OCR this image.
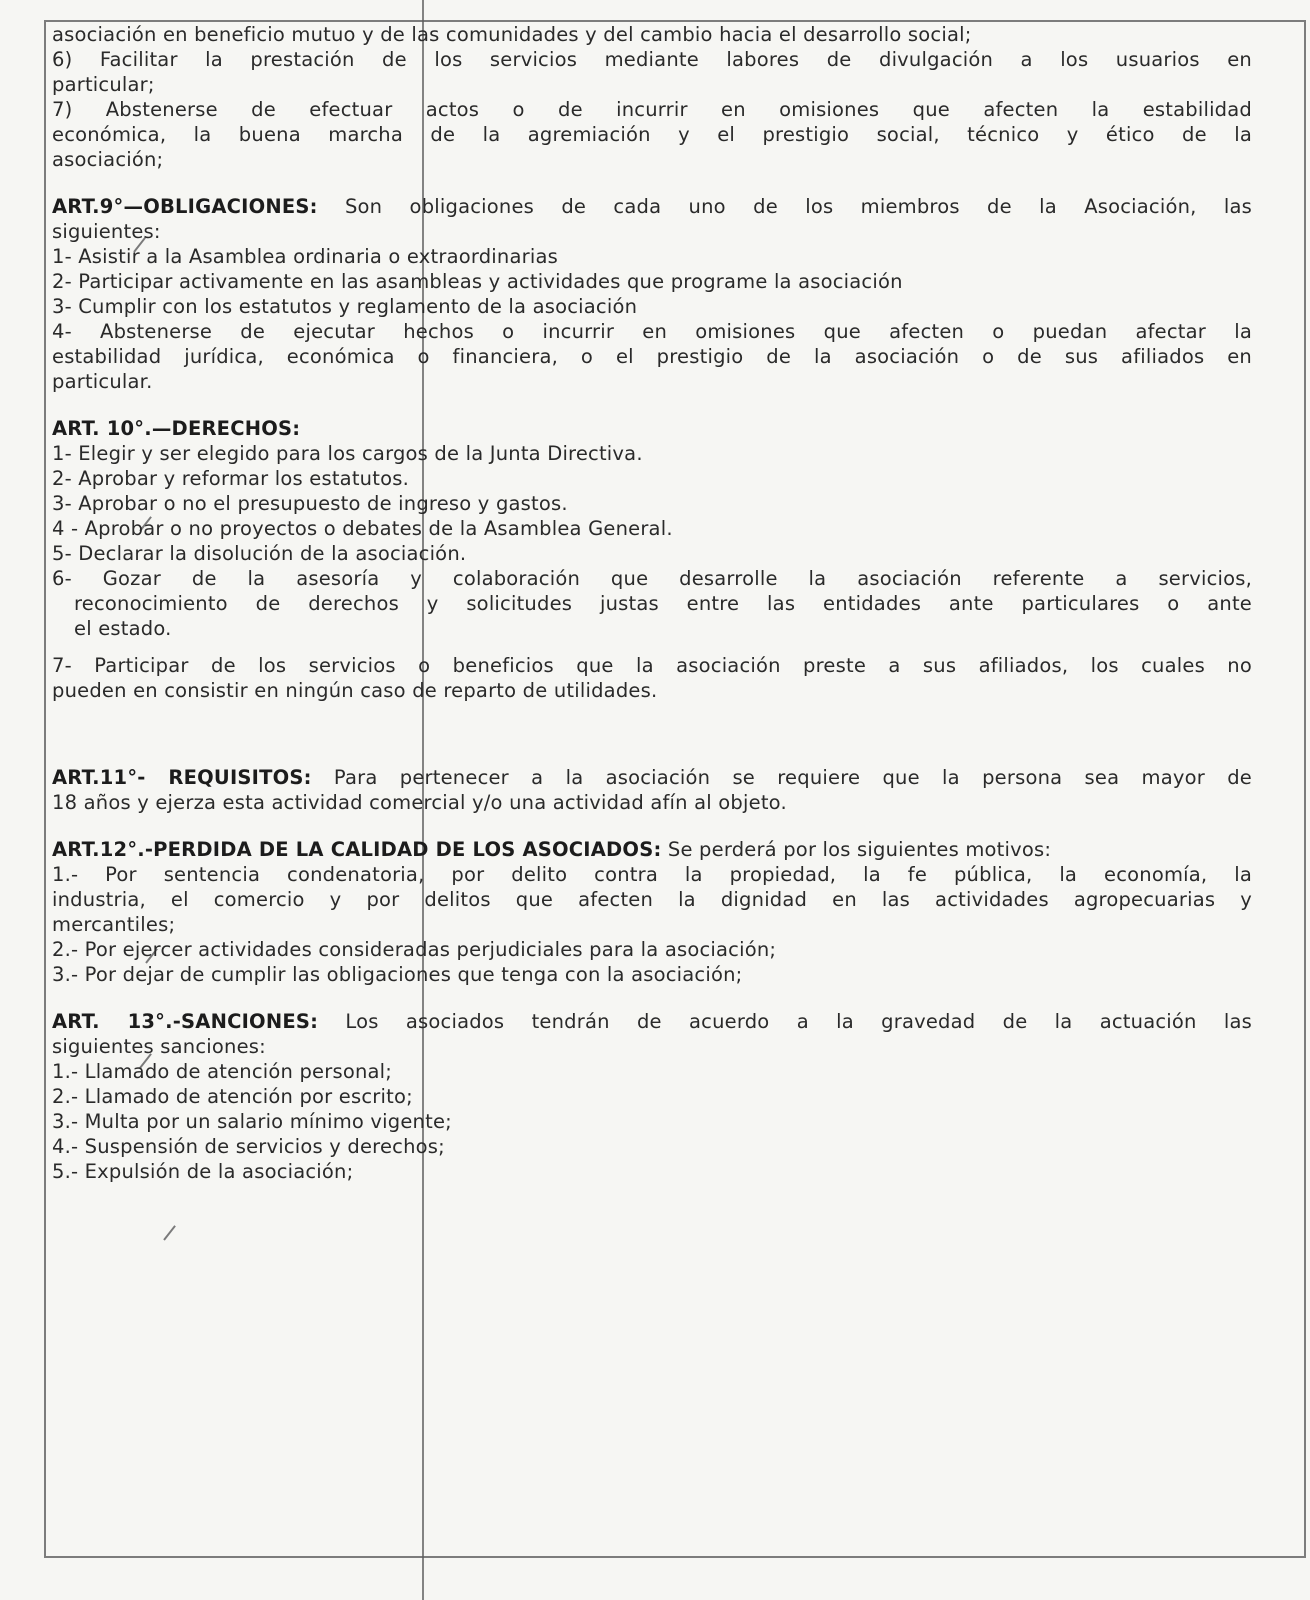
asociación en beneficio mutuo y de las comunidades y del cambio hacia el desarrollo social;

6) Facilitar la prestación de los servicios mediante labores de divulgación a los usuarios en

particular;

7) Abstenerse de efectuar actos o de incurrir en omisiones que afecten la estabilidad

económica, la buena marcha de la agremiación y el prestigio social, técnico y ético de la

asociación;

ART.9°—OBLIGACIONES: Son obligaciones de cada uno de los miembros de la Asociación, las

siguientes:

1- Asistir a la Asamblea ordinaria o extraordinarias

2- Participar activamente en las asambleas y actividades que programe la asociación

3- Cumplir con los estatutos y reglamento de la asociación

4- Abstenerse de ejecutar hechos o incurrir en omisiones que afecten o puedan afectar la

estabilidad jurídica, económica o financiera, o el prestigio de la asociación o de sus afiliados en

particular.

ART. 10°.—DERECHOS:

1- Elegir y ser elegido para los cargos de la Junta Directiva.

2- Aprobar y reformar los estatutos.

3- Aprobar o no el presupuesto de ingreso y gastos.

4 - Aprobar o no proyectos o debates de la Asamblea General.

5- Declarar la disolución de la asociación.

6- Gozar de la asesoría y colaboración que desarrolle la asociación referente a servicios,

reconocimiento de derechos y solicitudes justas entre las entidades ante particulares o ante

el estado.

7- Participar de los servicios o beneficios que la asociación preste a sus afiliados, los cuales no

pueden en consistir en ningún caso de reparto de utilidades.

ART.11°- REQUISITOS: Para pertenecer a la asociación se requiere que la persona sea mayor de

18 años y ejerza esta actividad comercial y/o una actividad afín al objeto.

ART.12°.-PERDIDA DE LA CALIDAD DE LOS ASOCIADOS: Se perderá por los siguientes motivos:

1.- Por sentencia condenatoria, por delito contra la propiedad, la fe pública, la economía, la

industria, el comercio y por delitos que afecten la dignidad en las actividades agropecuarias y

mercantiles;

2.- Por ejercer actividades consideradas perjudiciales para la asociación;

3.- Por dejar de cumplir las obligaciones que tenga con la asociación;

ART. 13°.-SANCIONES: Los asociados tendrán de acuerdo a la gravedad de la actuación las

siguientes sanciones:

1.- Llamado de atención personal;

2.- Llamado de atención por escrito;

3.- Multa por un salario mínimo vigente;

4.- Suspensión de servicios y derechos;

5.- Expulsión de la asociación;
